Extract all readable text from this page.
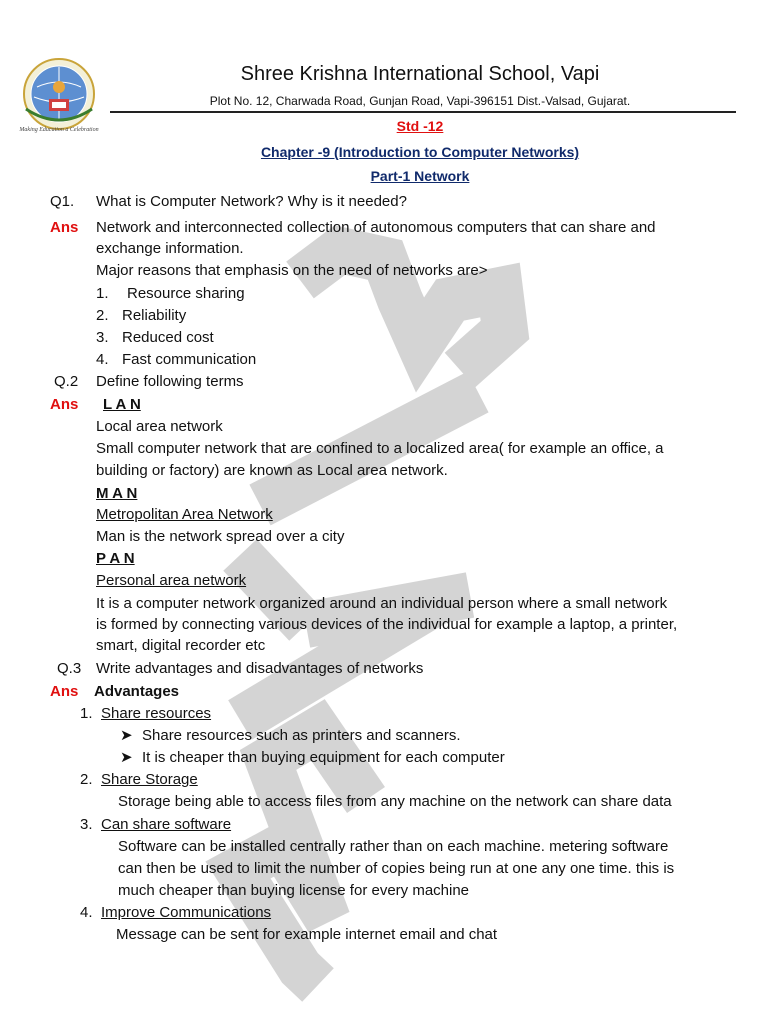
Making Education a Celebration
Shree Krishna International School, Vapi
Plot No. 12, Charwada Road, Gunjan Road, Vapi-396151 Dist.-Valsad, Gujarat.
Std -12
Chapter -9 (Introduction to Computer Networks)
Part-1 Network
Q1. What is Computer Network? Why is it needed?
Ans Network and interconnected collection of autonomous computers that can share and
exchange information.
Major reasons that emphasis on the need of networks are>
1. Resource sharing
2. Reliability
3. Reduced cost
4. Fast communication
Q.2 Define following terms
Ans L A N
Local area network
Small computer network that are confined to a localized area( for example an office, a
building or factory) are known as Local area network.
M A N
Metropolitan Area Network
Man is the network spread over a city
P A N
Personal area network
It is a computer network organized around an individual person where a small network
is formed by connecting various devices of the individual for example a laptop, a printer,
smart, digital recorder etc
Q.3 Write advantages and disadvantages of networks
Ans Advantages
1. Share resources
➤ Share resources such as printers and scanners.
➤ It is cheaper than buying equipment for each computer
2. Share Storage
Storage being able to access files from any machine on the network can share data
3. Can share software
Software can be installed centrally rather than on each machine. metering software
can then be used to limit the number of copies being run at one any one time. this is
much cheaper than buying license for every machine
4. Improve Communications
Message can be sent for example internet email and chat
